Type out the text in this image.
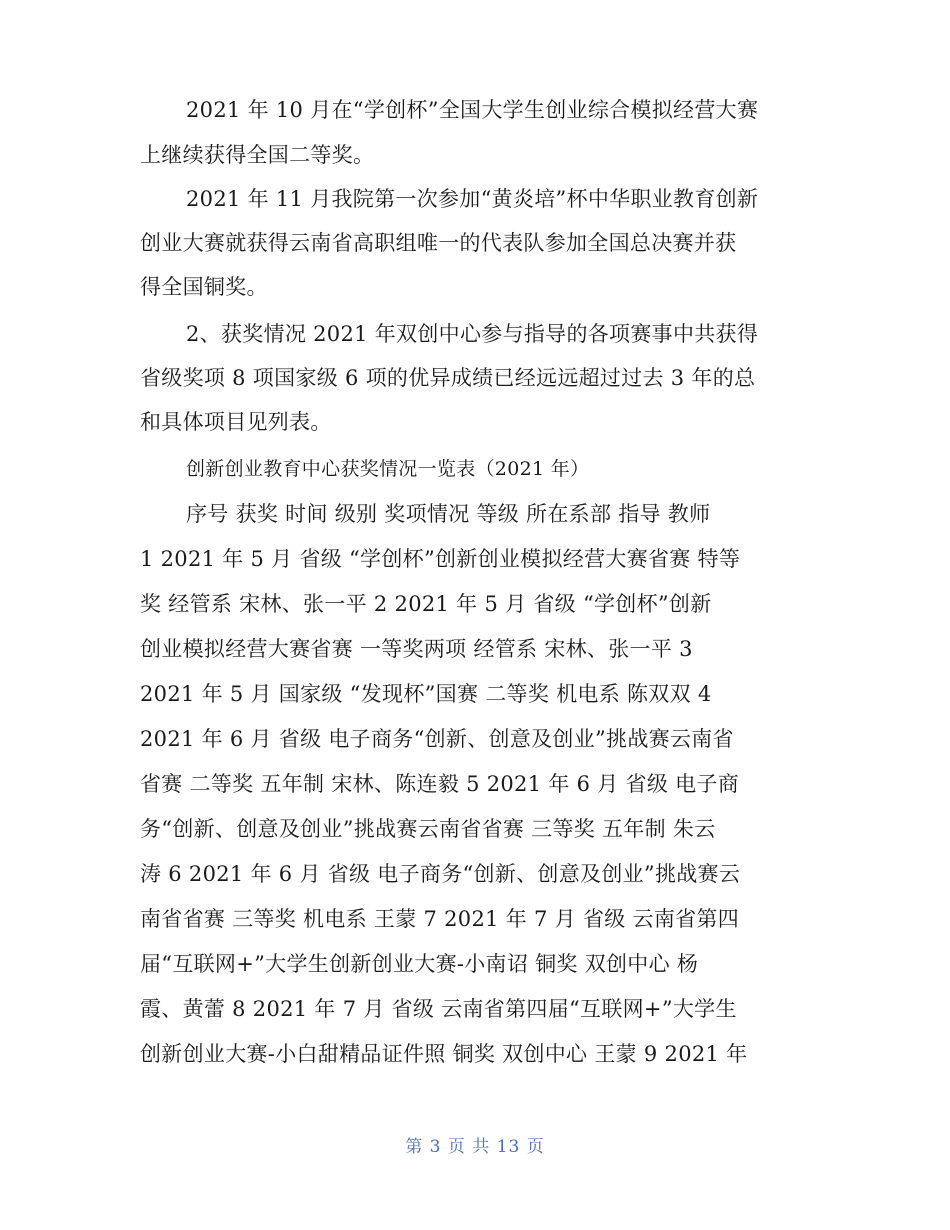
2021 年 10 月在“学创杯”全国大学生创业综合模拟经营大赛
上继续获得全国二等奖。
2021 年 11 月我院第一次参加“黄炎培”杯中华职业教育创新
创业大赛就获得云南省高职组唯一的代表队参加全国总决赛并获
得全国铜奖。
2、获奖情况 2021 年双创中心参与指导的各项赛事中共获得
省级奖项 8 项国家级 6 项的优异成绩已经远远超过过去 3 年的总
和具体项目见列表。
创新创业教育中心获奖情况一览表（2021 年）
序号 获奖 时间 级别 奖项情况 等级 所在系部 指导 教师
1 2021 年 5 月 省级 “学创杯”创新创业模拟经营大赛省赛 特等
奖 经管系 宋林、张一平 2 2021 年 5 月 省级 “学创杯”创新
创业模拟经营大赛省赛 一等奖两项 经管系 宋林、张一平 3
2021 年 5 月 国家级 “发现杯”国赛 二等奖 机电系 陈双双 4
2021 年 6 月 省级 电子商务“创新、创意及创业”挑战赛云南省
省赛 二等奖 五年制 宋林、陈连毅 5 2021 年 6 月 省级 电子商
务“创新、创意及创业”挑战赛云南省省赛 三等奖 五年制 朱云
涛 6 2021 年 6 月 省级 电子商务“创新、创意及创业”挑战赛云
南省省赛 三等奖 机电系 王蒙 7 2021 年 7 月 省级 云南省第四
届“互联网+”大学生创新创业大赛-小南诏 铜奖 双创中心 杨
霞、黄蕾 8 2021 年 7 月 省级 云南省第四届“互联网+”大学生
创新创业大赛-小白甜精品证件照 铜奖 双创中心 王蒙 9 2021 年
第 3 页 共 13 页
